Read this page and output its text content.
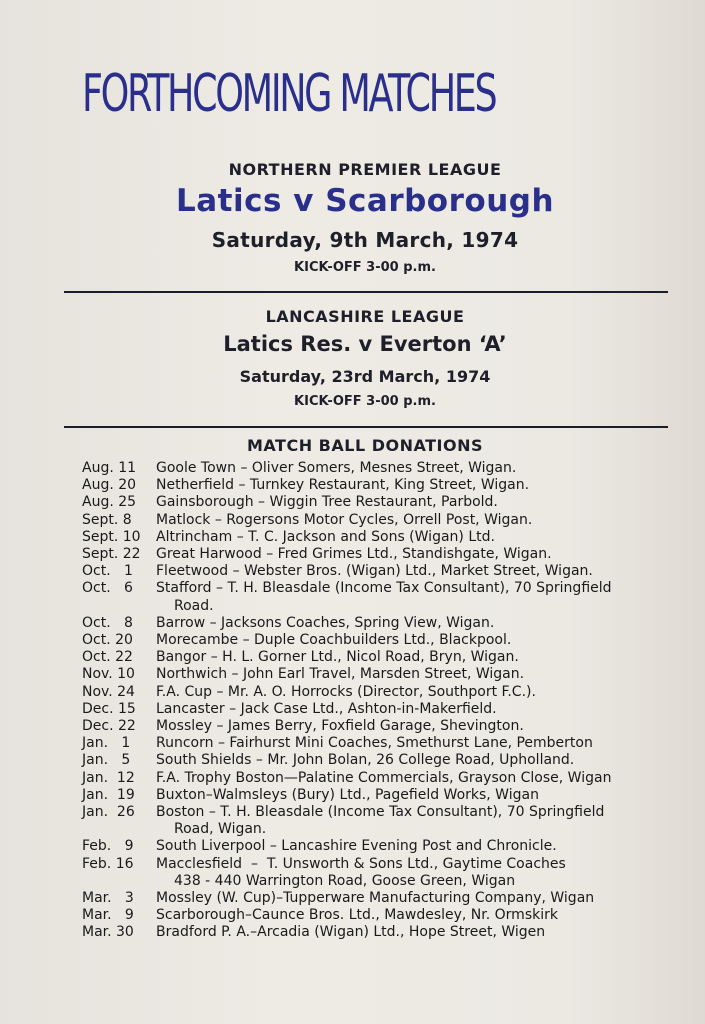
FORTHCOMING MATCHES
NORTHERN PREMIER LEAGUE
Latics v Scarborough
Saturday, 9th March, 1974
KICK-OFF 3-00 p.m.
LANCASHIRE LEAGUE
Latics Res. v Everton ‘A’
Saturday, 23rd March, 1974
KICK-OFF 3-00 p.m.
MATCH BALL DONATIONS
Aug. 11	Goole Town – Oliver Somers, Mesnes Street, Wigan.
Aug. 20	Netherfield – Turnkey Restaurant, King Street, Wigan.
Aug. 25	Gainsborough – Wiggin Tree Restaurant, Parbold.
Sept. 8	Matlock – Rogersons Motor Cycles, Orrell Post, Wigan.
Sept. 10	Altrincham – T. C. Jackson and Sons (Wigan) Ltd.
Sept. 22	Great Harwood – Fred Grimes Ltd., Standishgate, Wigan.
Oct.   1	Fleetwood – Webster Bros. (Wigan) Ltd., Market Street, Wigan.
Oct.   6	Stafford – T. H. Bleasdale (Income Tax Consultant), 70 Springfield
Road.
Oct.   8	Barrow – Jacksons Coaches, Spring View, Wigan.
Oct. 20	Morecambe – Duple Coachbuilders Ltd., Blackpool.
Oct. 22	Bangor – H. L. Gorner Ltd., Nicol Road, Bryn, Wigan.
Nov. 10	Northwich – John Earl Travel, Marsden Street, Wigan.
Nov. 24	F.A. Cup – Mr. A. O. Horrocks (Director, Southport F.C.).
Dec. 15	Lancaster – Jack Case Ltd., Ashton-in-Makerfield.
Dec. 22	Mossley – James Berry, Foxfield Garage, Shevington.
Jan.   1	Runcorn – Fairhurst Mini Coaches, Smethurst Lane, Pemberton
Jan.   5	South Shields – Mr. John Bolan, 26 College Road, Upholland.
Jan.  12	F.A. Trophy Boston—Palatine Commercials, Grayson Close, Wigan
Jan.  19	Buxton–Walmsleys (Bury) Ltd., Pagefield Works, Wigan
Jan.  26	Boston – T. H. Bleasdale (Income Tax Consultant), 70 Springfield
Road, Wigan.
Feb.   9	South Liverpool – Lancashire Evening Post and Chronicle.
Feb. 16	Macclesfield  –  T. Unsworth & Sons Ltd., Gaytime Coaches
438 - 440 Warrington Road, Goose Green, Wigan
Mar.   3	Mossley (W. Cup)–Tupperware Manufacturing Company, Wigan
Mar.   9	Scarborough–Caunce Bros. Ltd., Mawdesley, Nr. Ormskirk
Mar. 30	Bradford P. A.–Arcadia (Wigan) Ltd., Hope Street, Wigen
